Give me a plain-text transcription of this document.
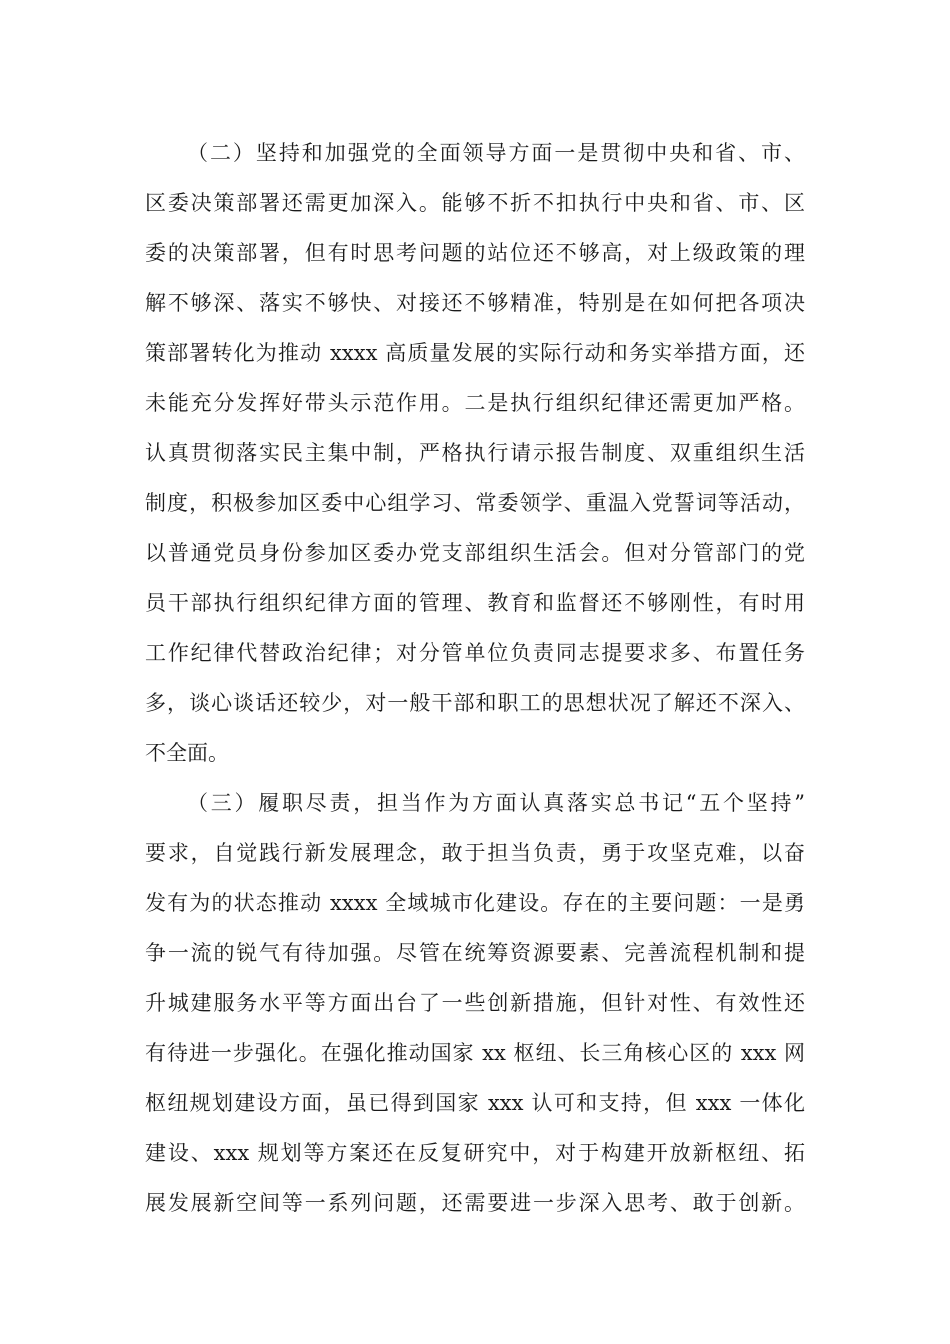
（二）坚持和加强党的全面领导方面一是贯彻中央和省、市、
区委决策部署还需更加深入。能够不折不扣执行中央和省、市、区
委的决策部署，但有时思考问题的站位还不够高，对上级政策的理
解不够深、落实不够快、对接还不够精准，特别是在如何把各项决
策部署转化为推动 xxxx 高质量发展的实际行动和务实举措方面，还
未能充分发挥好带头示范作用。二是执行组织纪律还需更加严格。
认真贯彻落实民主集中制，严格执行请示报告制度、双重组织生活
制度，积极参加区委中心组学习、常委领学、重温入党誓词等活动，
以普通党员身份参加区委办党支部组织生活会。但对分管部门的党
员干部执行组织纪律方面的管理、教育和监督还不够刚性，有时用
工作纪律代替政治纪律；对分管单位负责同志提要求多、布置任务
多，谈心谈话还较少，对一般干部和职工的思想状况了解还不深入、
不全面。
（三）履职尽责，担当作为方面认真落实总书记“五个坚持”
要求，自觉践行新发展理念，敢于担当负责，勇于攻坚克难，以奋
发有为的状态推动 xxxx 全域城市化建设。存在的主要问题：一是勇
争一流的锐气有待加强。尽管在统筹资源要素、完善流程机制和提
升城建服务水平等方面出台了一些创新措施，但针对性、有效性还
有待进一步强化。在强化推动国家 xx 枢纽、长三角核心区的 xxx 网
枢纽规划建设方面，虽已得到国家 xxx 认可和支持，但 xxx 一体化
建设、xxx 规划等方案还在反复研究中，对于构建开放新枢纽、拓
展发展新空间等一系列问题，还需要进一步深入思考、敢于创新。
